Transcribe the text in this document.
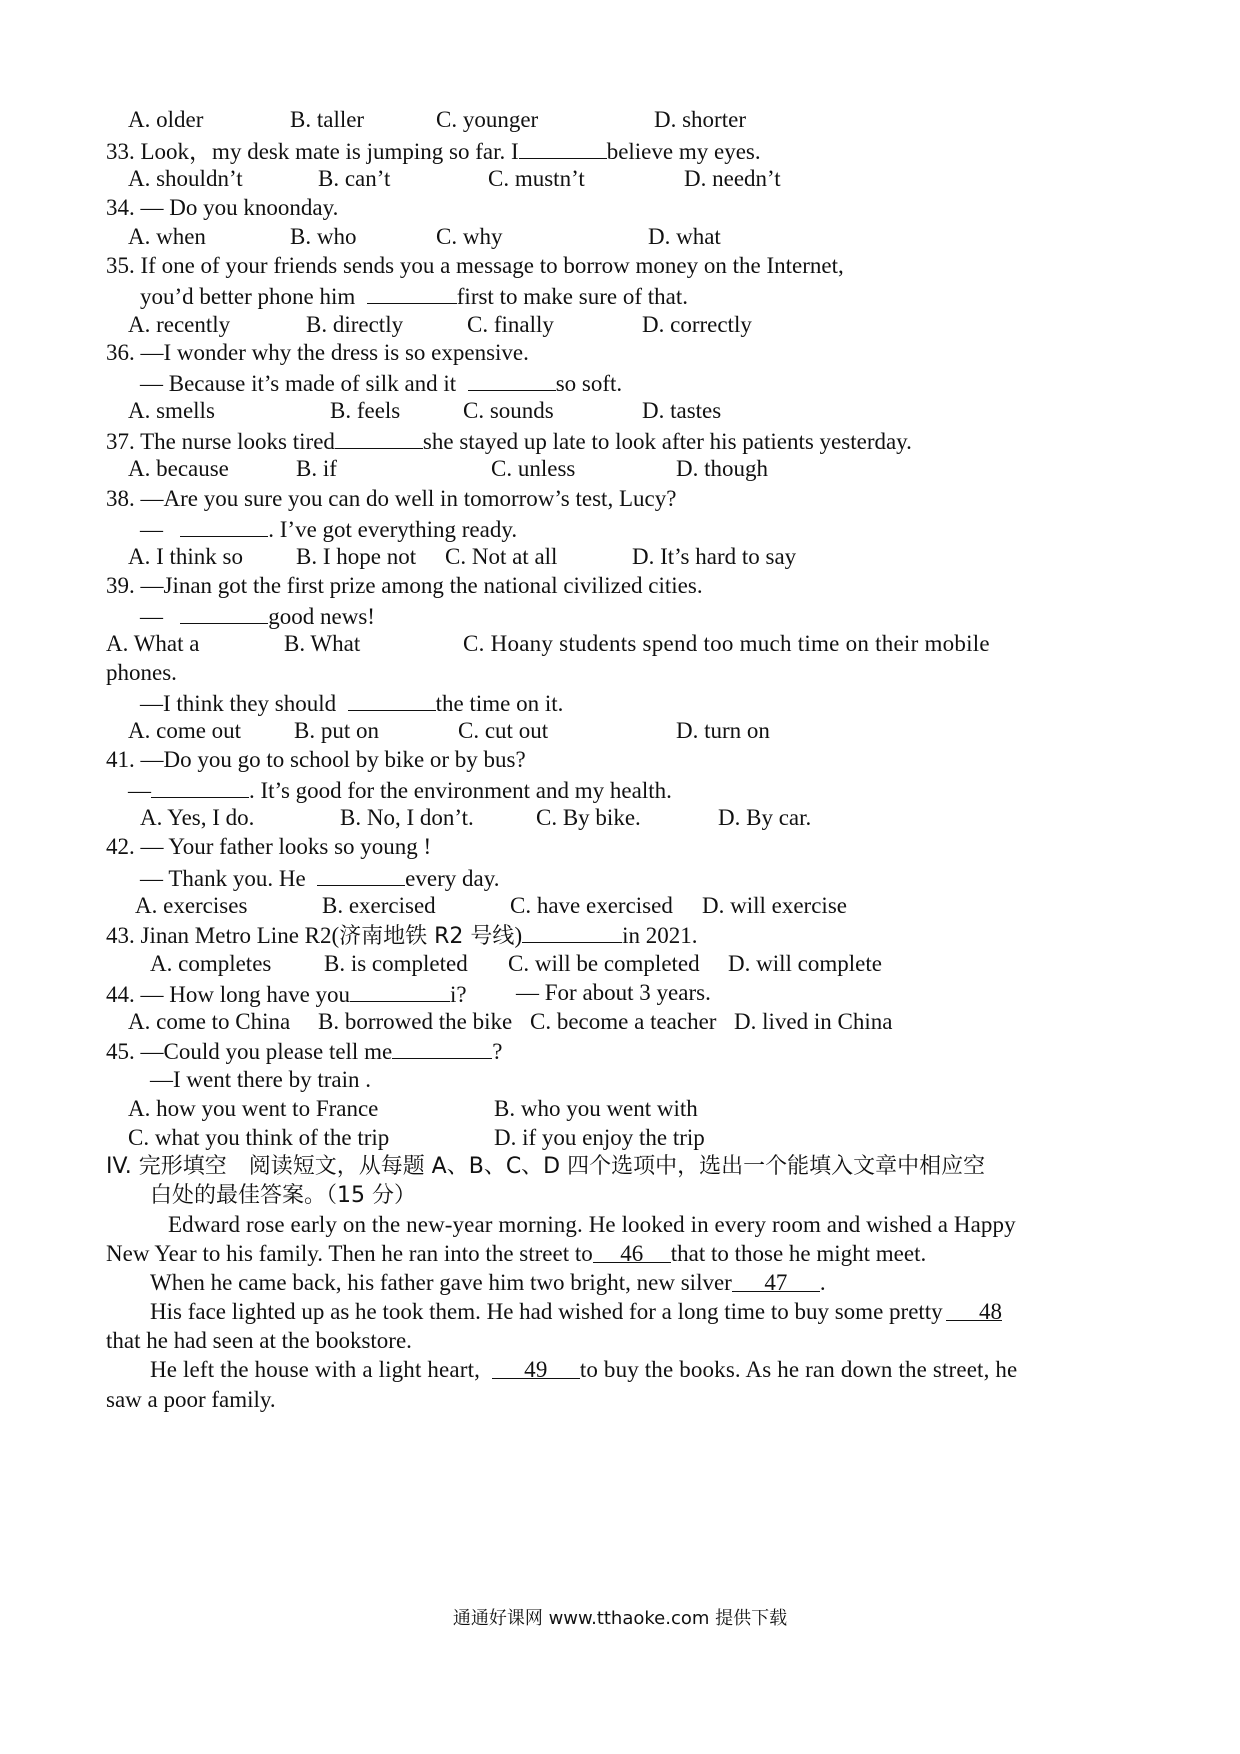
A. older	B. taller	C. younger	D. shorter
33. Look，my desk mate is jumping so far. I	believe my eyes.
A. shouldn’t	B. can’t	C. mustn’t	D. needn’t
34. — Do you knoonday.
A. when	B. who	C. why	D. what
35. If one of your friends sends you a message to borrow money on the Internet,
you’d better phone him	first to make sure of that.
A. recently	B. directly	C. finally	D. correctly
36. —I wonder why the dress is so expensive.
— Because it’s made of silk and it	so soft.
A. smells	B. feels	C. sounds	D. tastes
37. The nurse looks tired	she stayed up late to look after his patients yesterday.
A. because	B. if	C. unless	D. though
38. —Are you sure you can do well in tomorrow’s test, Lucy?
—	. I’ve got everything ready.
A. I think so B. I hope not C. Not at all	D. It’s hard to say
39. —Jinan got the first prize among the national civilized cities.
—	good news!
A. What a	B. What	C. Hoany students spend too much time on their mobile
phones.
—I think they should	the time on it.
A. come out B. put on	C. cut out	D. turn on
41. —Do you go to school by bike or by bus?
—	. It’s good for the environment and my health.
A. Yes, I do.	B. No, I don’t.	C. By bike.	D. By car.
42. — Your father looks so young !
— Thank you. He	every day.
A. exercises	B. exercised	C. have exercised D. will exercise
43. Jinan Metro Line R2(济南地铁 R2 号线)	in 2021.
A. completes B. is completed C. will be completed D. will complete
44. — How long have you	i? — For about 3 years.
A. come to China B. borrowed the bike C. become a teacher D. lived in China
45. —Could you please tell me	?
—I went there by train .
A. how you went to France	B. who you went with
C. what you think of the trip	D. if you enjoy the trip
IV. 完形填空　阅读短文，从每题 A、B、C、D 四个选项中，选出一个能填入文章中相应空
白处的最佳答案。（15 分）
Edward rose early on the new-year morning. He looked in every room and wished a Happy
New Year to his family. Then he ran into the street to 46 that to those he might meet.
When he came back, his father gave him two bright, new silver 47 .
His face lighted up as he took them. He had wished for a long time to buy some pretty	48
that he had seen at the bookstore.
He left the house with a light heart, 49 to buy the books. As he ran down the street, he
saw a poor family.
通通好课网 www.tthaoke.com 提供下载
